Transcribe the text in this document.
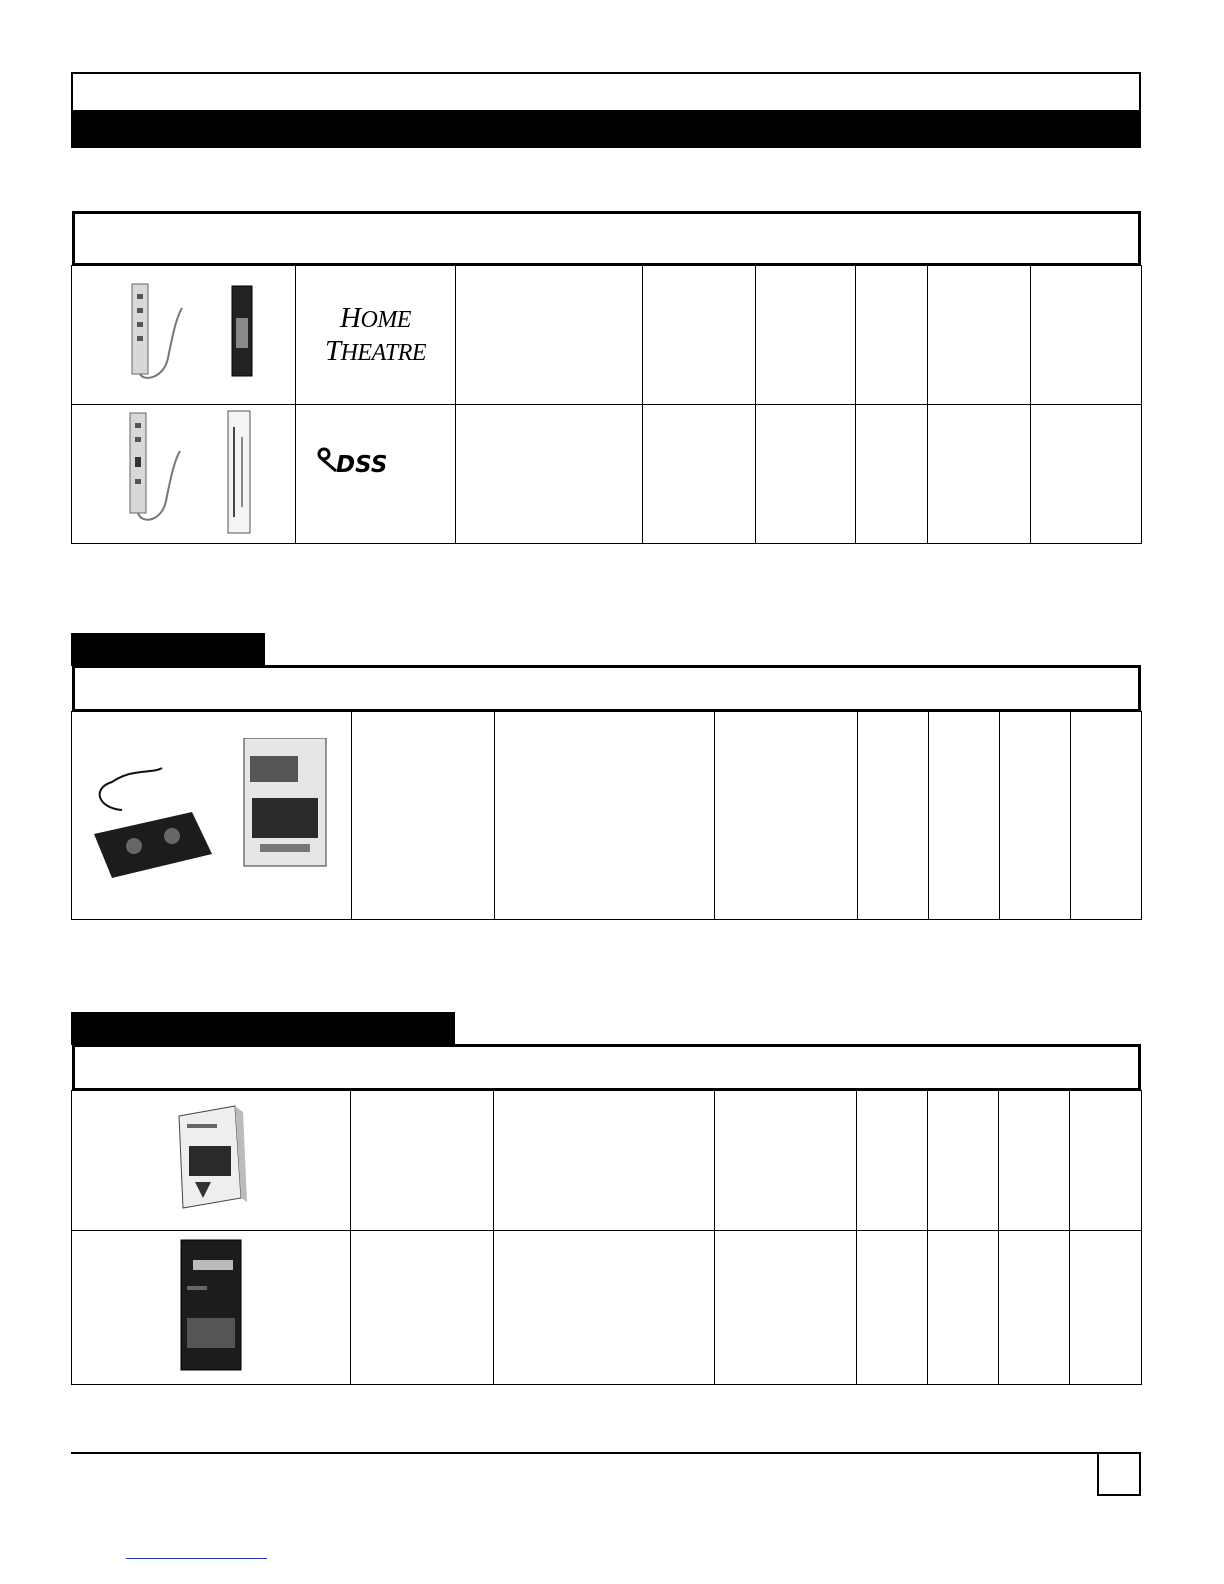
HOME THEATRE						

DSS						
